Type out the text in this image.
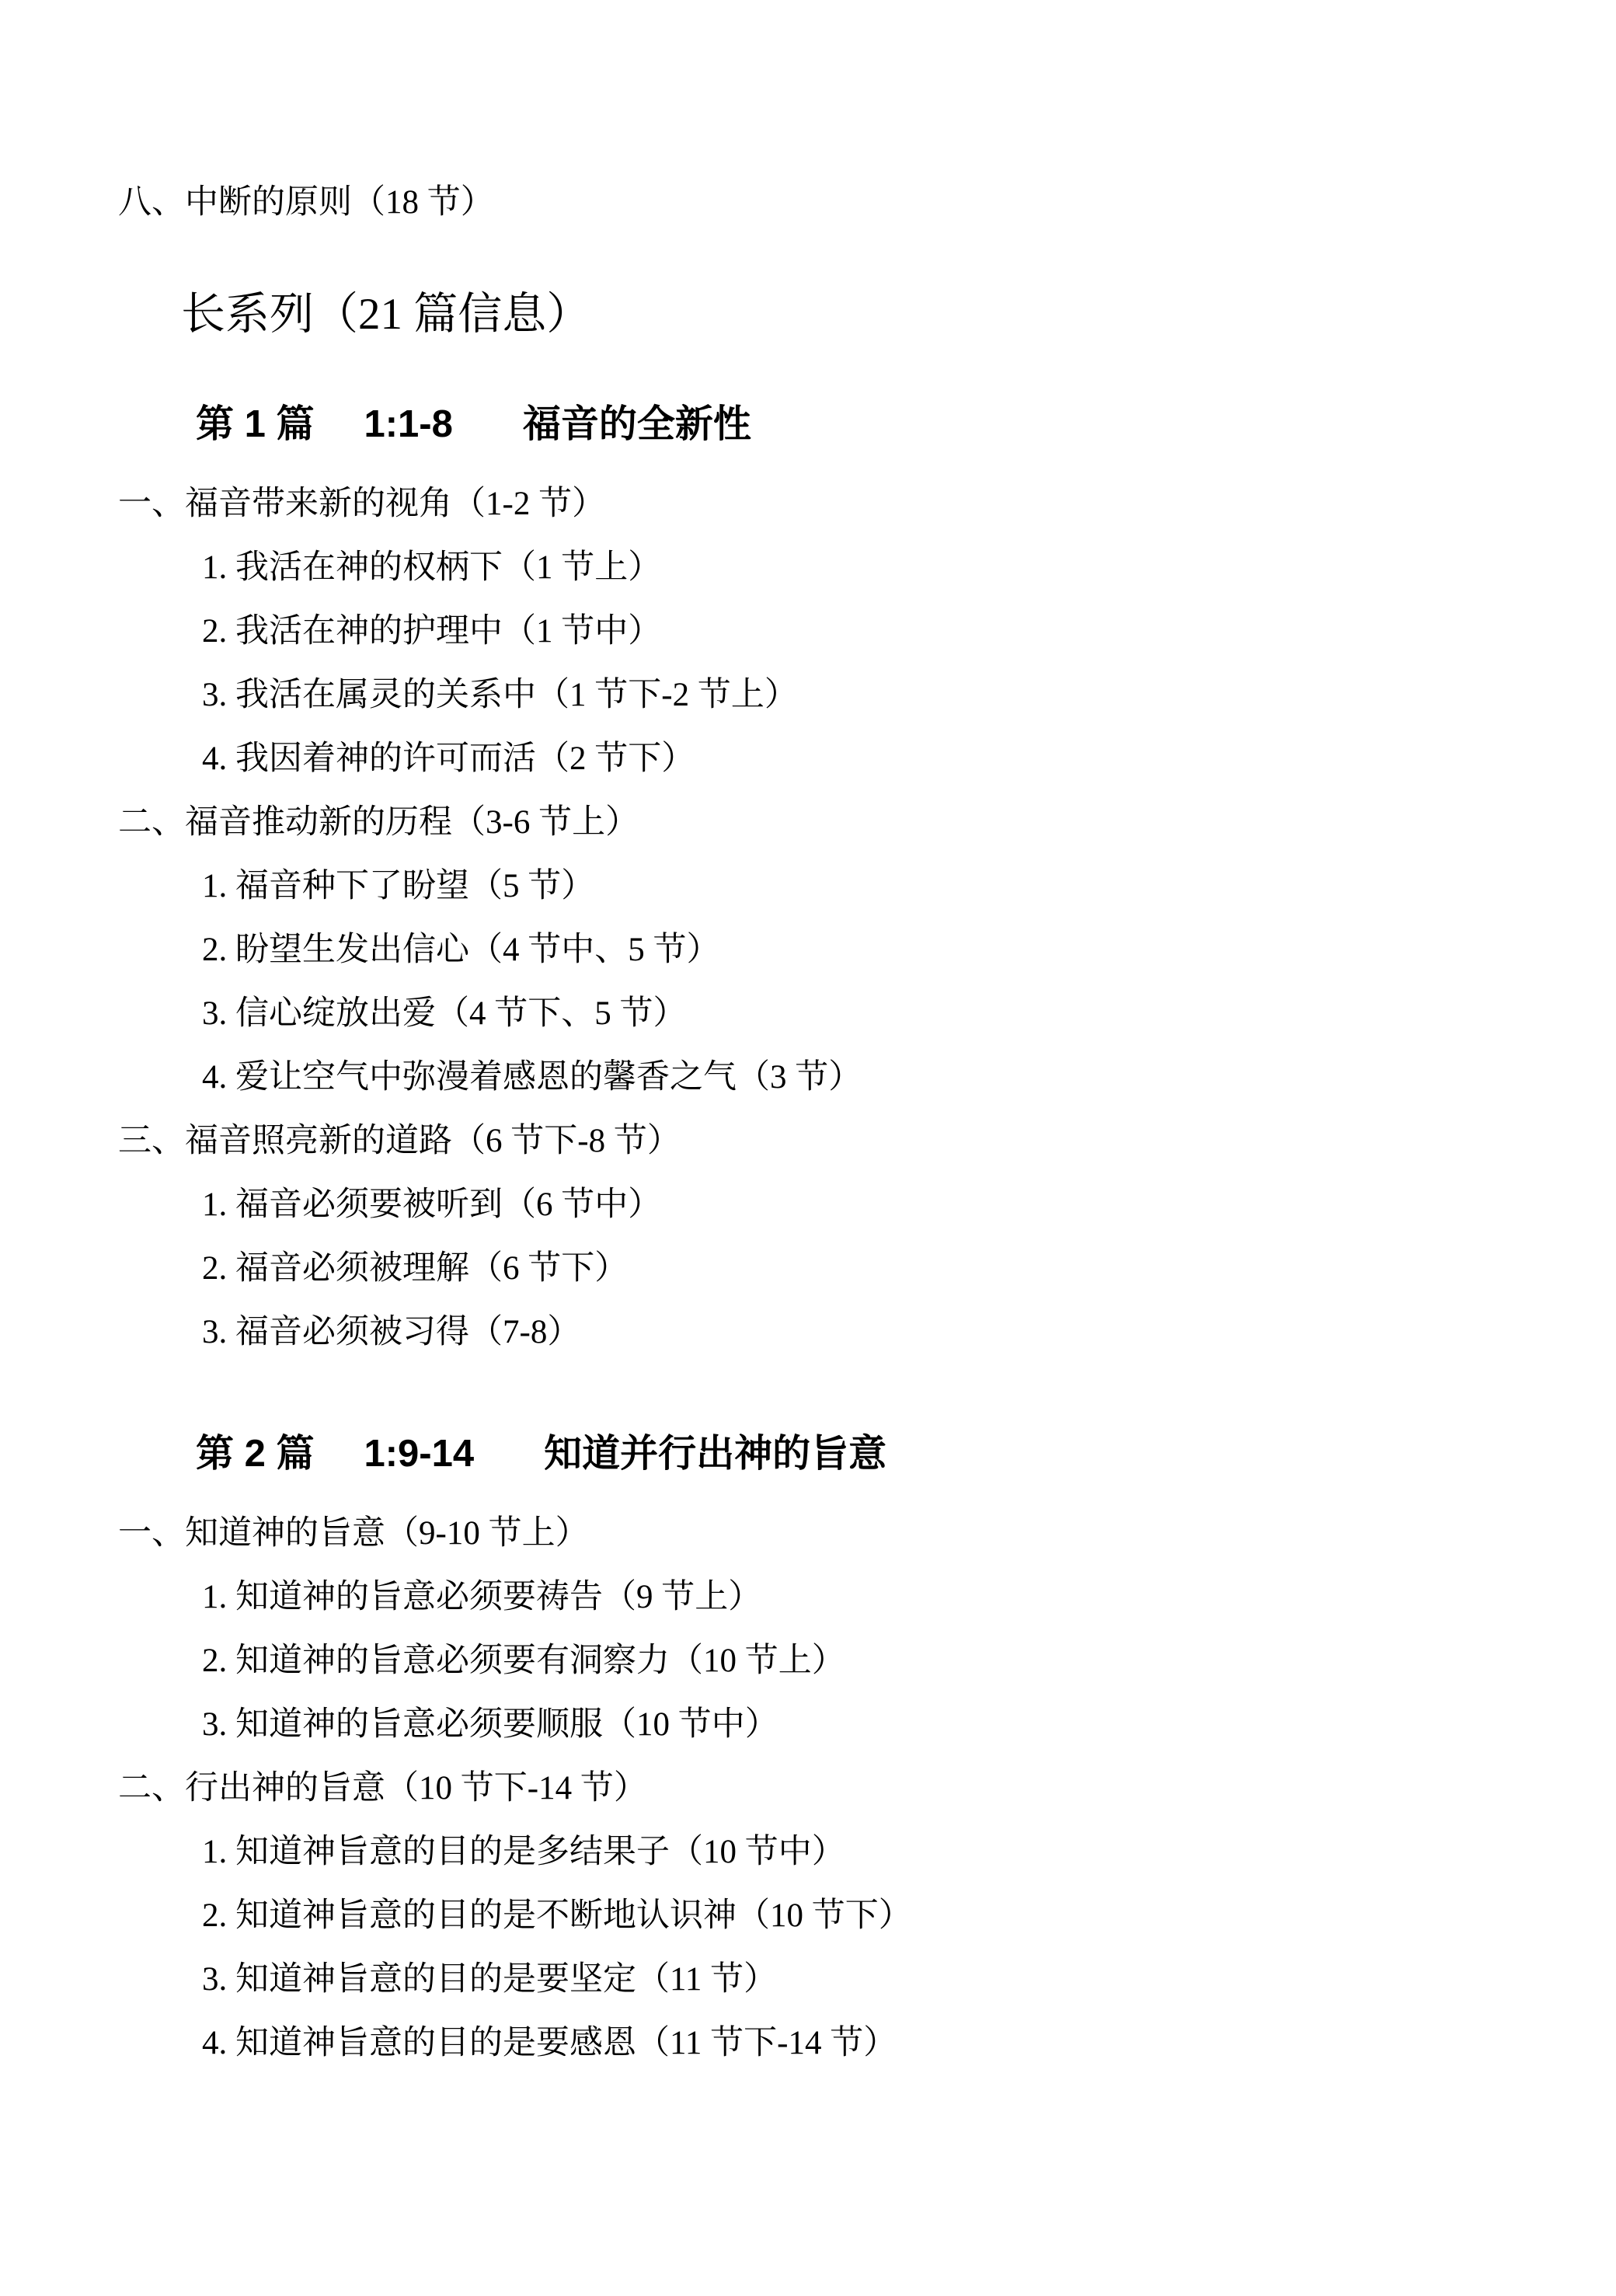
八、中断的原则（18 节）

长系列（21 篇信息）
第 1 篇 1:1-8 福音的全新性

一、福音带来新的视角（1-2 节）

1. 我活在神的权柄下（1 节上）

2. 我活在神的护理中（1 节中）

3. 我活在属灵的关系中（1 节下-2 节上）

4. 我因着神的许可而活（2 节下）

二、福音推动新的历程（3-6 节上）

1. 福音种下了盼望（5 节）

2. 盼望生发出信心（4 节中、5 节）

3. 信心绽放出爱（4 节下、5 节）

4. 爱让空气中弥漫着感恩的馨香之气（3 节）

三、福音照亮新的道路（6 节下-8 节）

1. 福音必须要被听到（6 节中）

2. 福音必须被理解（6 节下）

3. 福音必须被习得（7-8）

第 2 篇 1:9-14 知道并行出神的旨意

一、知道神的旨意（9-10 节上）

1. 知道神的旨意必须要祷告（9 节上）

2. 知道神的旨意必须要有洞察力（10 节上）

3. 知道神的旨意必须要顺服（10 节中）

二、行出神的旨意（10 节下-14 节）

1. 知道神旨意的目的是多结果子（10 节中）

2. 知道神旨意的目的是不断地认识神（10 节下）

3. 知道神旨意的目的是要坚定（11 节）

4. 知道神旨意的目的是要感恩（11 节下-14 节）
